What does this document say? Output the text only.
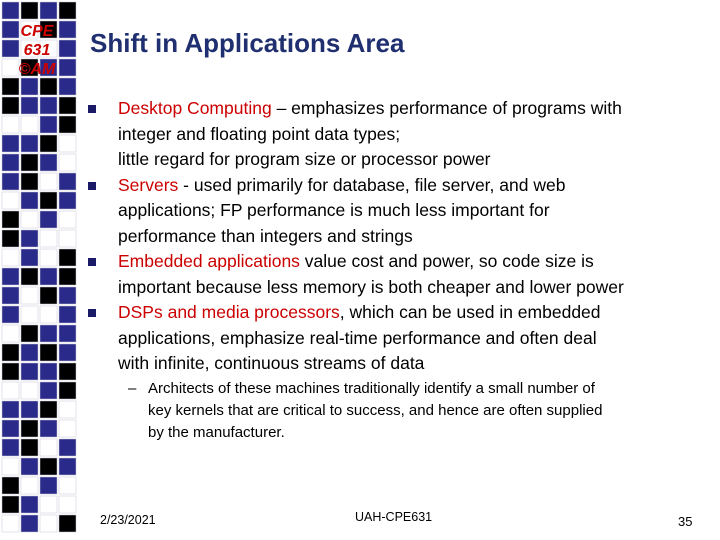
CPE
631
©AM
Shift in Applications Area
Desktop Computing – emphasizes performance of programs with
integer and floating point data types;
little regard for program size or processor power
Servers - used primarily for database, file server, and web
applications; FP performance is much less important for
performance than integers and strings
Embedded applications value cost and power, so code size is
important because less memory is both cheaper and lower power
DSPs and media processors, which can be used in embedded
applications, emphasize real-time performance and often deal
with infinite, continuous streams of data
– Architects of these machines traditionally identify a small number of
key kernels that are critical to success, and hence are often supplied
by the manufacturer.
2/23/2021	UAH-CPE631	35
